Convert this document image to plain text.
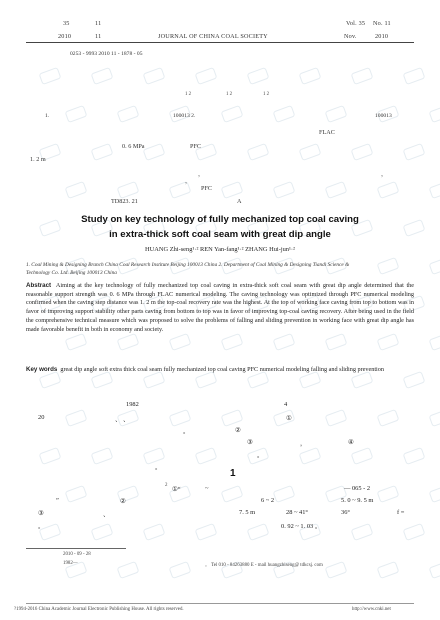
35	11
2010	11	JOURNAL OF CHINA COAL SOCIETY
Vol. 35 No. 11
Nov.	2010
0253 - 9993 2010 11 - 1878 - 05
1 2	1 2	1 2
1.	100013 2.	100013
FLAC
0. 6 MPa	PFC
1. 2 m
，	，
，
PFC
TD823. 21	A
Study on key technology of fully mechanized top coal caving
in extra-thick soft coal seam with great dip angle
HUANG Zhi-seng¹·² REN Yan-fang¹·² ZHANG Hui-jun¹·²
1. Coal Mining & Designing Branch China Coal Research Institute Beijing 100013 China 2. Department of Coal Mining & Designing Tiandi Science &
Technology Co. Ltd. Beijing 100013 China
Abstract Aiming at the key technology of fully mechanized top coal caving in extra-thick soft coal seam with great dip angle determined that the reasonable support strength was 0. 6 MPa through FLAC numerical modeling. The caving technology was optimized through PFC numerical modeling confirmed when the caving step distance was 1. 2 m the top-coal recovery rate was the highest. At the top of working face caving from top to bottom was in favor of improving support stability other parts caving from bottom to top was in favor of improving top-coal caving recovery. After being used in the field the comprehensive technical measure which was proposed to solve the problems of falling and sliding prevention in working face with great dip angle has made favorable benefit in both in economy and society.
Key words great dip angle soft extra thick coal seam fully mechanized top coal caving PFC numerical modeling falling and sliding prevention
1982	4
20	、 、	①
。	②
③	，	④
。
。
1
2
①“	~	— 065 - 2
”	②	6 ~ 2	5. 0 ~ 9. 5 m
③	、	7. 5 m	28 ~ 41°	36°	f =
。	0. 92 ~ 1. 03 。
2010 - 09 - 28
1982—	。 Tel 010 - 84263880 E - mail huangzhiseng@ tdkcsj. com
?1994-2016 China Academic Journal Electronic Publishing House. All rights reserved.	http://www.cnki.net
